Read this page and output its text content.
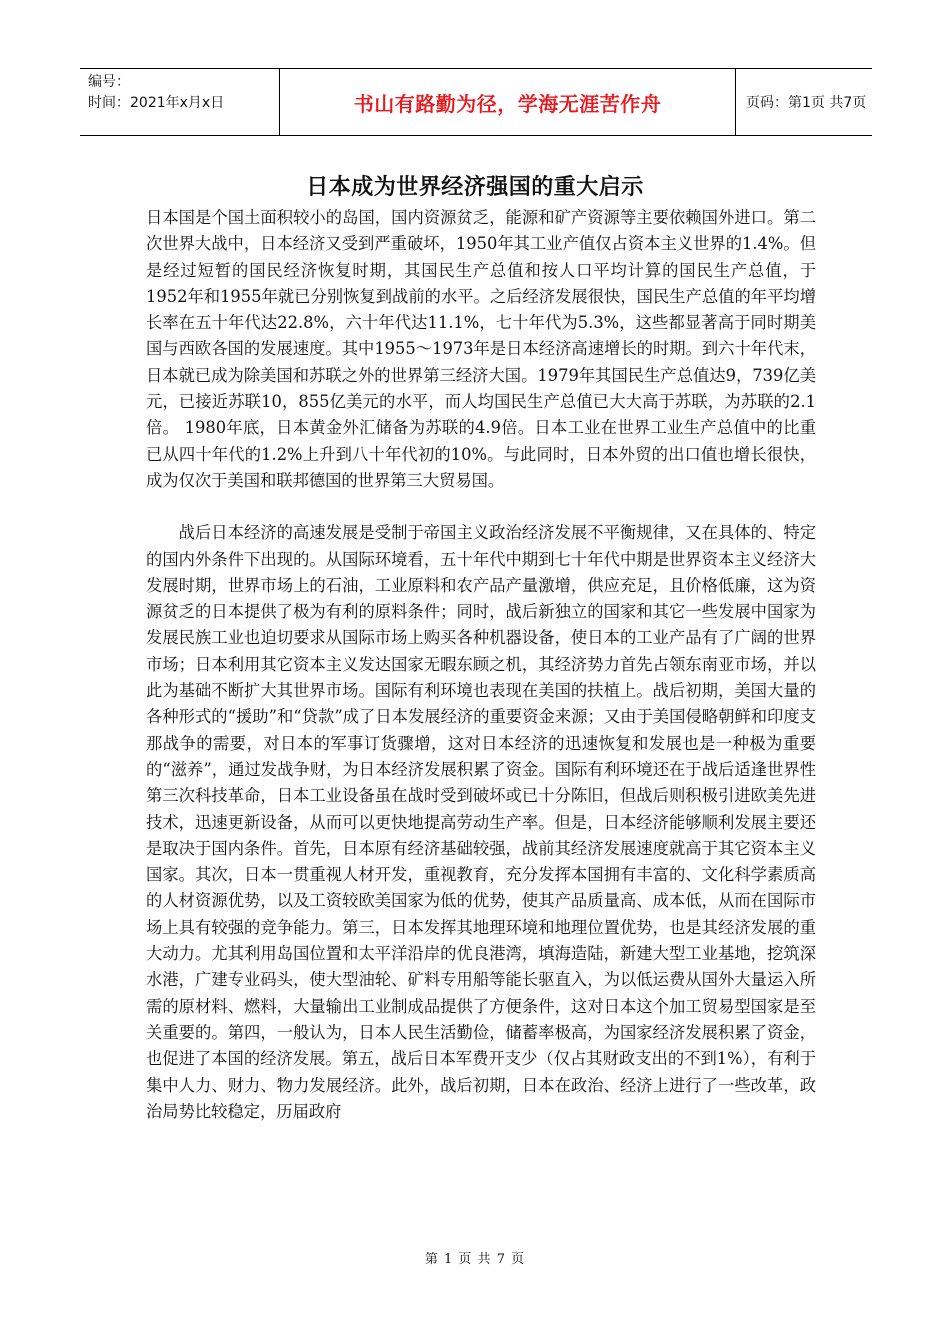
编号：
时间：2021年x月x日	书山有路勤为径，学海无涯苦作舟	页码：第1页 共7页
日本成为世界经济强国的重大启示

日本国是个国土面积较小的岛国，国内资源贫乏，能源和矿产资源等主要依赖国外进口。第二次世界大战中，日本经济又受到严重破坏，1950年其工业产值仅占资本主义世界的1.4%。但是经过短暂的国民经济恢复时期，其国民生产总值和按人口平均计算的国民生产总值，于1952年和1955年就已分别恢复到战前的水平。之后经济发展很快，国民生产总值的年平均增长率在五十年代达22.8%，六十年代达11.1%，七十年代为5.3%，这些都显著高于同时期美国与西欧各国的发展速度。其中1955～1973年是日本经济高速增长的时期。到六十年代末，日本就已成为除美国和苏联之外的世界第三经济大国。1979年其国民生产总值达9，739亿美元，已接近苏联10，855亿美元的水平，而人均国民生产总值已大大高于苏联，为苏联的2.1倍。 1980年底，日本黄金外汇储备为苏联的4.9倍。日本工业在世界工业生产总值中的比重已从四十年代的1.2%上升到八十年代初的10%。与此同时，日本外贸的出口值也增长很快，成为仅次于美国和联邦德国的世界第三大贸易国。

战后日本经济的高速发展是受制于帝国主义政治经济发展不平衡规律，又在具体的、特定的国内外条件下出现的。从国际环境看，五十年代中期到七十年代中期是世界资本主义经济大发展时期，世界市场上的石油，工业原料和农产品产量激增，供应充足，且价格低廉，这为资源贫乏的日本提供了极为有利的原料条件；同时，战后新独立的国家和其它一些发展中国家为发展民族工业也迫切要求从国际市场上购买各种机器设备，使日本的工业产品有了广阔的世界市场；日本利用其它资本主义发达国家无暇东顾之机，其经济势力首先占领东南亚市场，并以此为基础不断扩大其世界市场。国际有利环境也表现在美国的扶植上。战后初期，美国大量的各种形式的“援助”和“贷款”成了日本发展经济的重要资金来源；又由于美国侵略朝鲜和印度支那战争的需要，对日本的军事订货骤增，这对日本经济的迅速恢复和发展也是一种极为重要的“滋养”，通过发战争财，为日本经济发展积累了资金。国际有利环境还在于战后适逢世界性第三次科技革命，日本工业设备虽在战时受到破坏或已十分陈旧，但战后则积极引进欧美先进技术，迅速更新设备，从而可以更快地提高劳动生产率。但是，日本经济能够顺利发展主要还是取决于国内条件。首先，日本原有经济基础较强，战前其经济发展速度就高于其它资本主义国家。其次，日本一贯重视人材开发，重视教育，充分发挥本国拥有丰富的、文化科学素质高的人材资源优势，以及工资较欧美国家为低的优势，使其产品质量高、成本低，从而在国际市场上具有较强的竞争能力。第三，日本发挥其地理环境和地理位置优势，也是其经济发展的重大动力。尤其利用岛国位置和太平洋沿岸的优良港湾，填海造陆，新建大型工业基地，挖筑深水港，广建专业码头，使大型油轮、矿料专用船等能长驱直入，为以低运费从国外大量运入所需的原材料、燃料，大量输出工业制成品提供了方便条件，这对日本这个加工贸易型国家是至关重要的。第四，一般认为，日本人民生活勤俭，储蓄率极高，为国家经济发展积累了资金，也促进了本国的经济发展。第五，战后日本军费开支少（仅占其财政支出的不到1%），有利于集中人力、财力、物力发展经济。此外，战后初期，日本在政治、经济上进行了一些改革，政治局势比较稳定，历届政府

第 1 页 共 7 页
